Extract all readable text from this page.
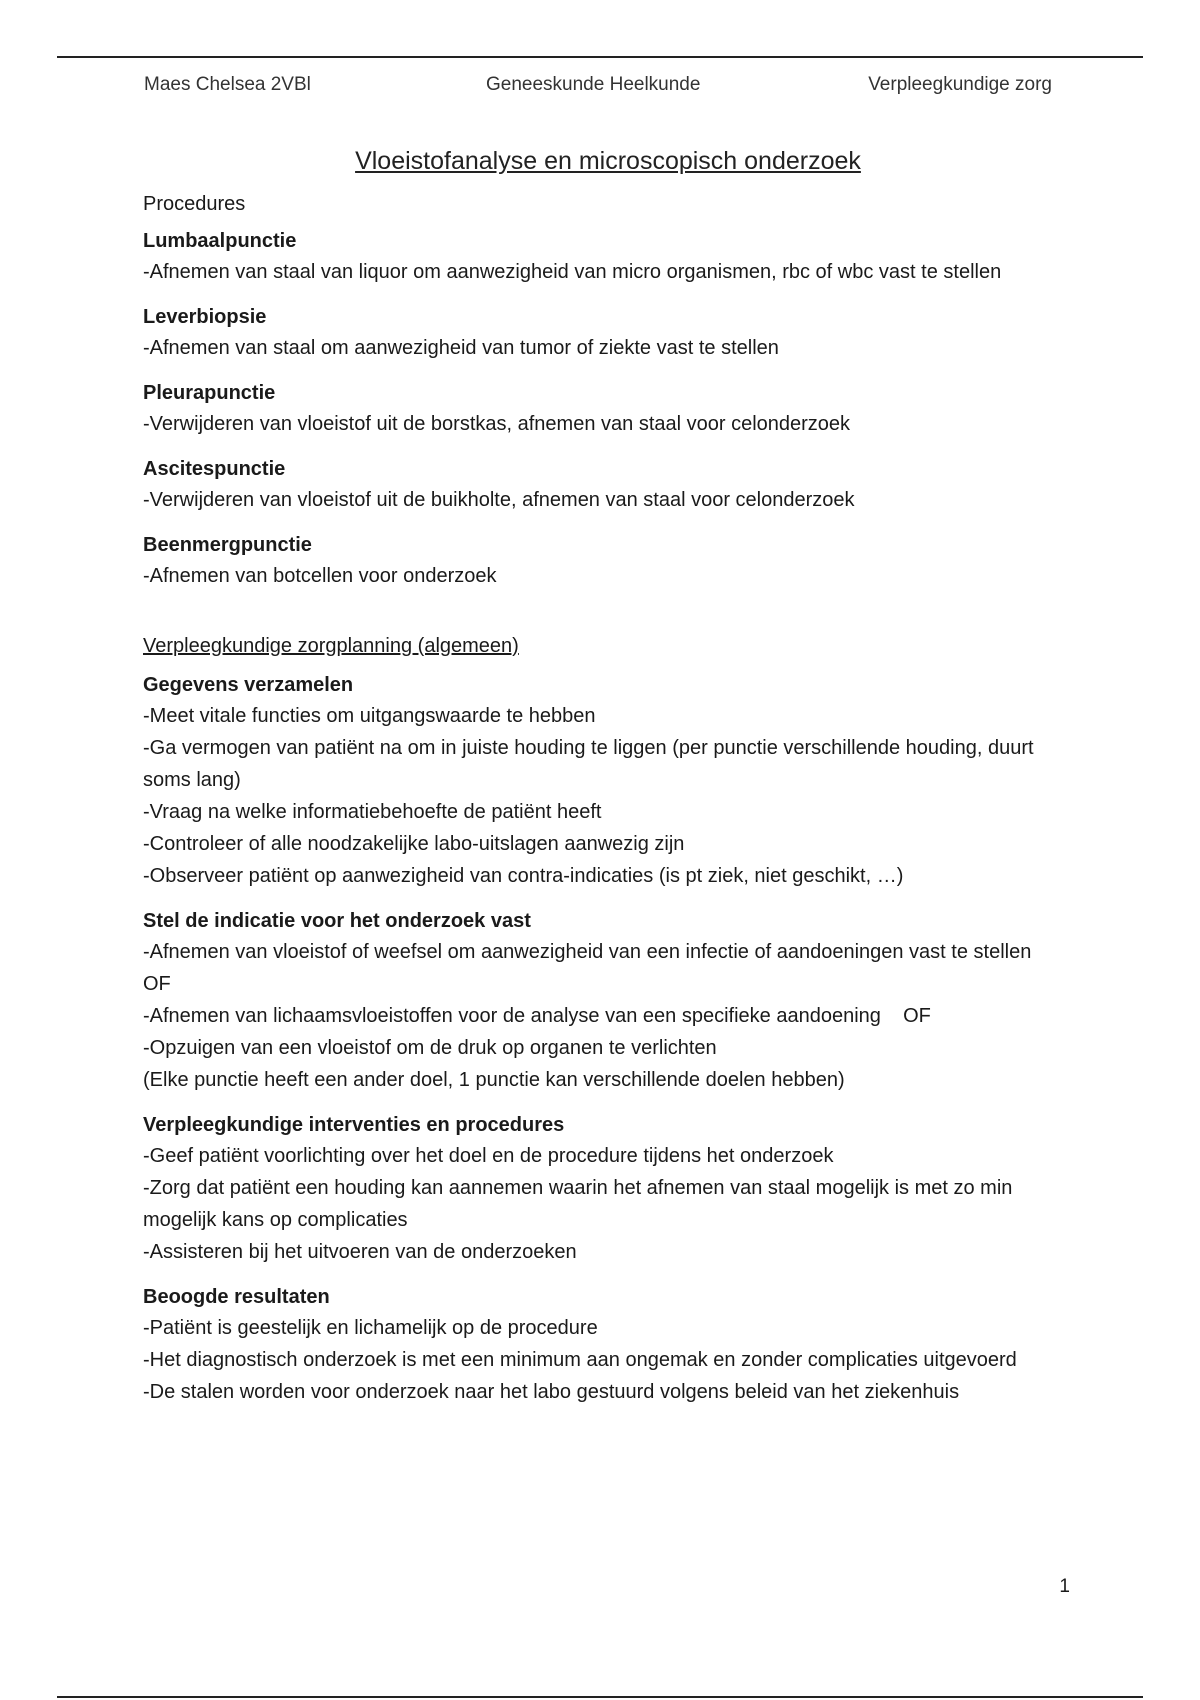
Maes Chelsea 2VBl	Geneeskunde Heelkunde	Verpleegkundige zorg
Vloeistofanalyse en microscopisch onderzoek

Procedures

Lumbaalpunctie

-Afnemen van staal van liquor om aanwezigheid van micro organismen, rbc of wbc vast te stellen

Leverbiopsie

-Afnemen van staal om aanwezigheid van tumor of ziekte vast te stellen

Pleurapunctie

-Verwijderen van vloeistof uit de borstkas, afnemen van staal voor celonderzoek

Ascitespunctie

-Verwijderen van vloeistof uit de buikholte, afnemen van staal voor celonderzoek

Beenmergpunctie

-Afnemen van botcellen voor onderzoek

Verpleegkundige zorgplanning (algemeen)

Gegevens verzamelen

-Meet vitale functies om uitgangswaarde te hebben

-Ga vermogen van patiënt na om in juiste houding te liggen (per punctie verschillende houding, duurt soms lang)

-Vraag na welke informatiebehoefte de patiënt heeft

-Controleer of alle noodzakelijke labo-uitslagen aanwezig zijn

-Observeer patiënt op aanwezigheid van contra-indicaties (is pt ziek, niet geschikt, …)

Stel de indicatie voor het onderzoek vast

-Afnemen van vloeistof of weefsel om aanwezigheid van een infectie of aandoeningen vast te stellen      OF

-Afnemen van lichaamsvloeistoffen voor de analyse van een specifieke aandoening    OF

-Opzuigen van een vloeistof om de druk op organen te verlichten

(Elke punctie heeft een ander doel, 1 punctie kan verschillende doelen hebben)

Verpleegkundige interventies en procedures

-Geef patiënt voorlichting over het doel en de procedure tijdens het onderzoek

-Zorg dat patiënt een houding kan aannemen waarin het afnemen van staal mogelijk is met zo min mogelijk kans op complicaties

-Assisteren bij het uitvoeren van de onderzoeken

Beoogde resultaten

-Patiënt is geestelijk en lichamelijk op de procedure

-Het diagnostisch onderzoek is met een minimum aan ongemak en zonder complicaties uitgevoerd

-De stalen worden voor onderzoek naar het labo gestuurd volgens beleid van het ziekenhuis

1
